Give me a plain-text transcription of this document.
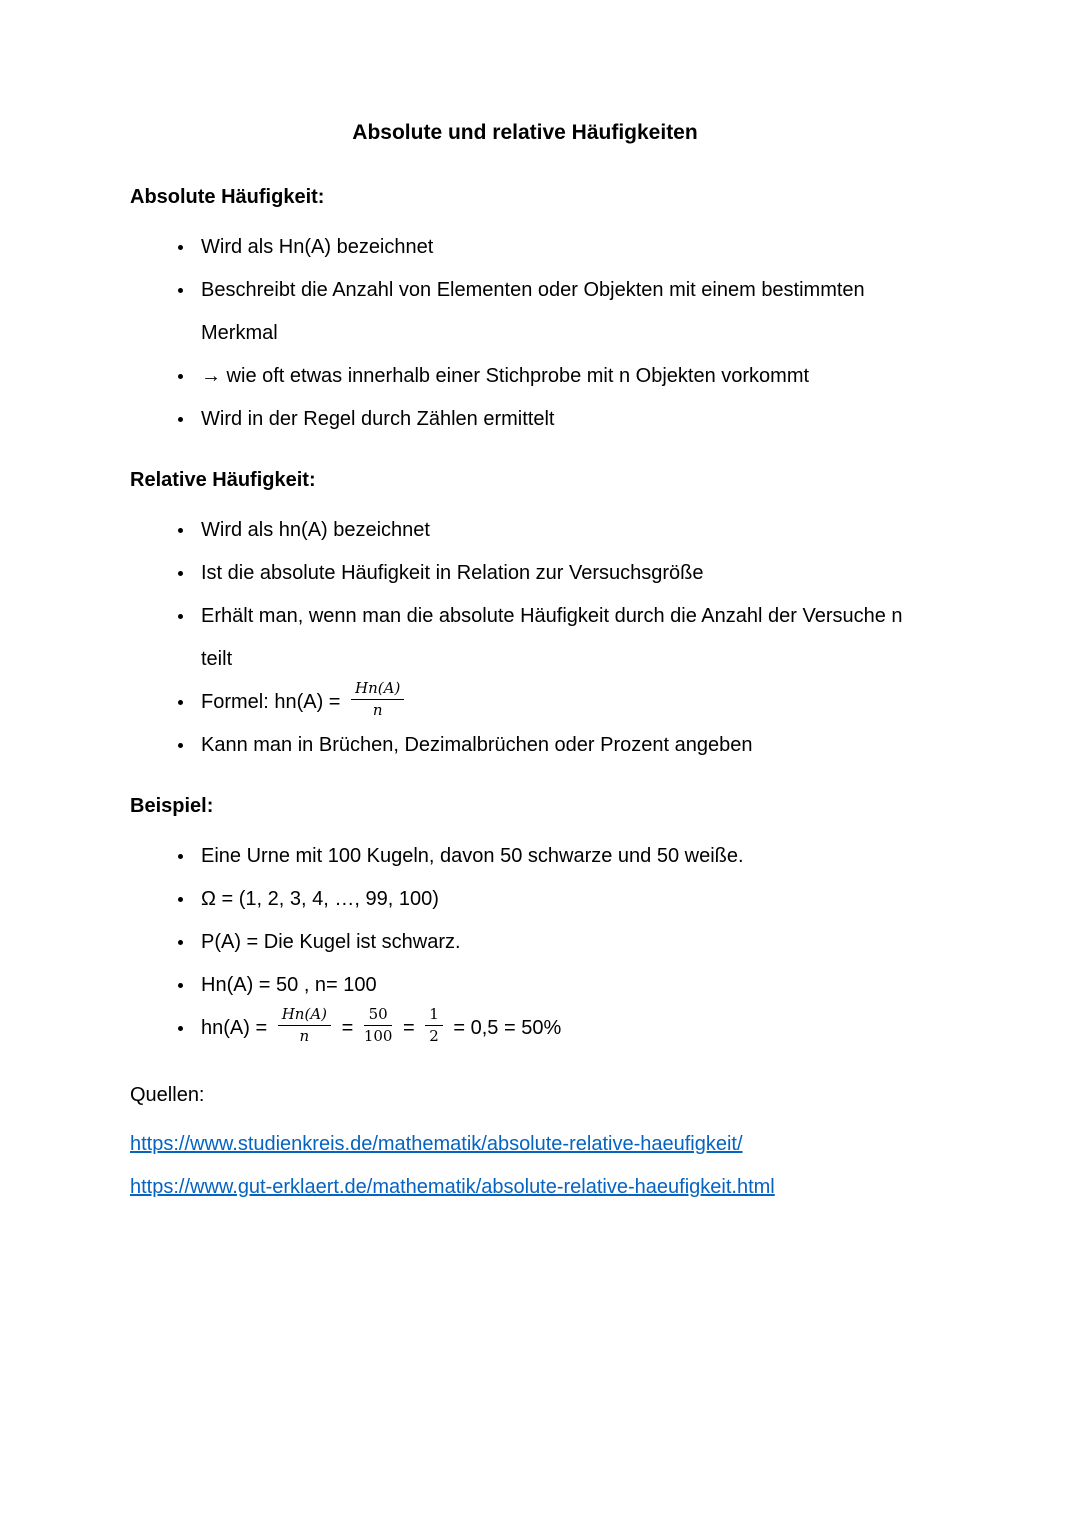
Absolute und relative Häufigkeiten
Absolute Häufigkeit:
• Wird als Hn(A) bezeichnet
• Beschreibt die Anzahl von Elementen oder Objekten mit einem bestimmten Merkmal
• → wie oft etwas innerhalb einer Stichprobe mit n Objekten vorkommt
• Wird in der Regel durch Zählen ermittelt
Relative Häufigkeit:
• Wird als hn(A) bezeichnet
• Ist die absolute Häufigkeit in Relation zur Versuchsgröße
• Erhält man, wenn man die absolute Häufigkeit durch die Anzahl der Versuche n teilt
• Formel: $hn(A) = \frac{Hn(A)}{n}$
• Kann man in Brüchen, Dezimalbrüchen oder Prozent angeben
Beispiel:
• Eine Urne mit 100 Kugeln, davon 50 schwarze und 50 weiße.
• Ω = (1, 2, 3, 4, …, 99, 100)
• P(A) = Die Kugel ist schwarz.
• Hn(A) = 50 , n= 100
• $hn(A) = \frac{Hn(A)}{n} = \frac{50}{100} = \frac{1}{2} = 0,5 = 50\%$

Quellen:

https://www.studienkreis.de/mathematik/absolute-relative-haeufigkeit/

https://www.gut-erklaert.de/mathematik/absolute-relative-haeufigkeit.html
